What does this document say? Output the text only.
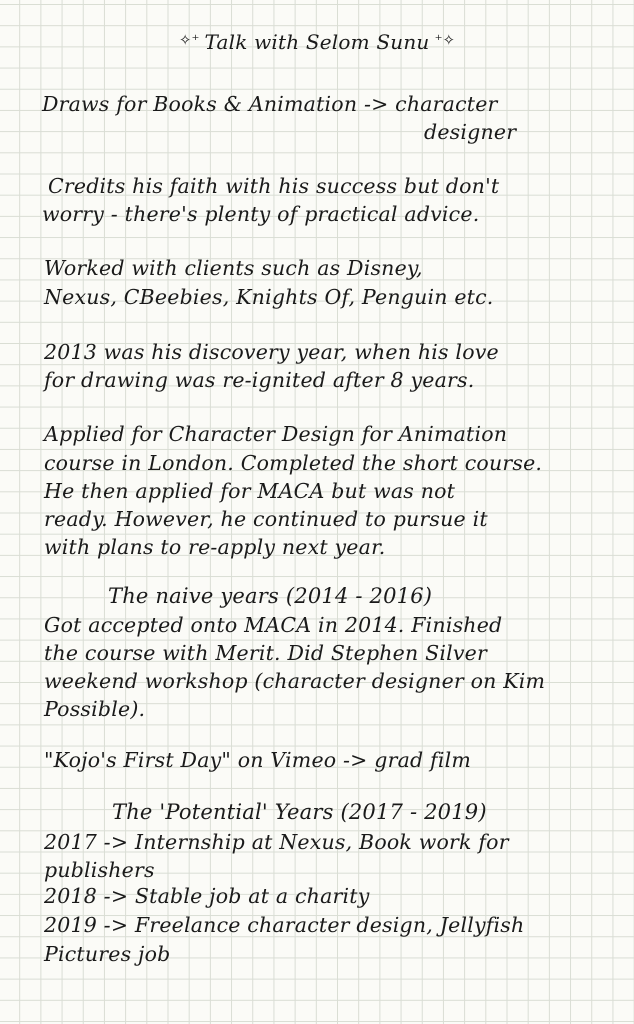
✧⁺ Talk with Selom Sunu ⁺✧

Draws for Books & Animation -> character

designer

Credits his faith with his success but don't

worry - there's plenty of practical advice.

Worked with clients such as Disney,

Nexus, CBeebies, Knights Of, Penguin etc.

2013 was his discovery year, when his love

for drawing was re-ignited after 8 years.

Applied for Character Design for Animation

course in London. Completed the short course.

He then applied for MACA but was not

ready. However, he continued to pursue it

with plans to re-apply next year.

The naive years (2014 - 2016)

Got accepted onto MACA in 2014. Finished

the course with Merit. Did Stephen Silver

weekend workshop (character designer on Kim

Possible).

"Kojo's First Day" on Vimeo -> grad film

The 'Potential' Years (2017 - 2019)

2017 -> Internship at Nexus, Book work for

publishers

2018 -> Stable job at a charity

2019 -> Freelance character design, Jellyfish

Pictures job
